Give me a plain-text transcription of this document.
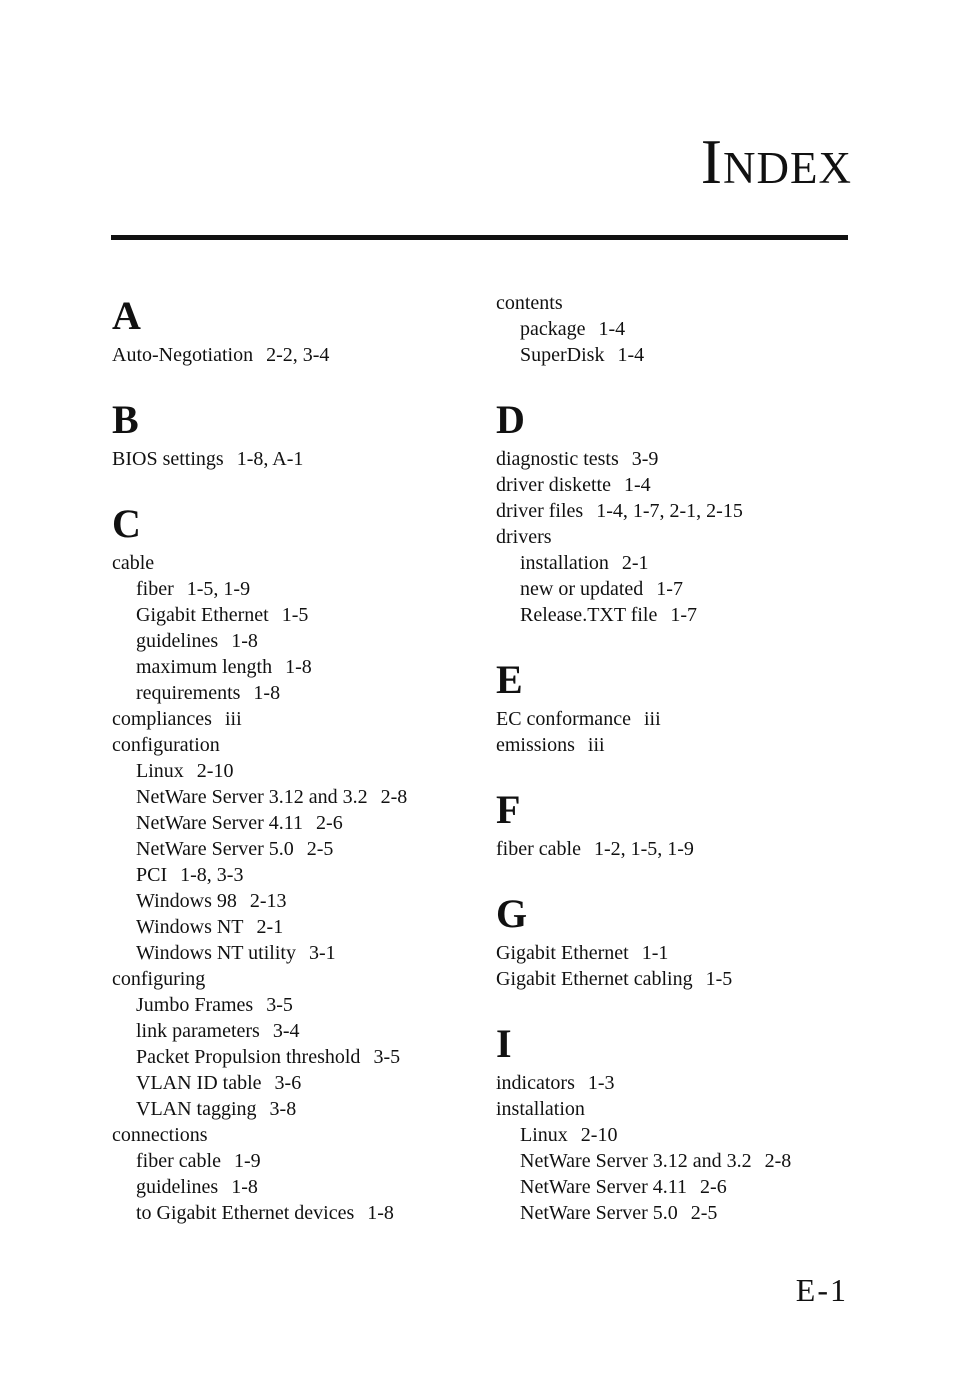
Index
A
Auto-Negotiation 2-2, 3-4
B
BIOS settings 1-8, A-1
C
cable
fiber 1-5, 1-9
Gigabit Ethernet 1-5
guidelines 1-8
maximum length 1-8
requirements 1-8
compliances iii
configuration
Linux 2-10
NetWare Server 3.12 and 3.2 2-8
NetWare Server 4.11 2-6
NetWare Server 5.0 2-5
PCI 1-8, 3-3
Windows 98 2-13
Windows NT 2-1
Windows NT utility 3-1
configuring
Jumbo Frames 3-5
link parameters 3-4
Packet Propulsion threshold 3-5
VLAN ID table 3-6
VLAN tagging 3-8
connections
fiber cable 1-9
guidelines 1-8
to Gigabit Ethernet devices 1-8
contents
package 1-4
SuperDisk 1-4
D
diagnostic tests 3-9
driver diskette 1-4
driver files 1-4, 1-7, 2-1, 2-15
drivers
installation 2-1
new or updated 1-7
Release.TXT file 1-7
E
EC conformance iii
emissions iii
F
fiber cable 1-2, 1-5, 1-9
G
Gigabit Ethernet 1-1
Gigabit Ethernet cabling 1-5
I
indicators 1-3
installation
Linux 2-10
NetWare Server 3.12 and 3.2 2-8
NetWare Server 4.11 2-6
NetWare Server 5.0 2-5
E-1
